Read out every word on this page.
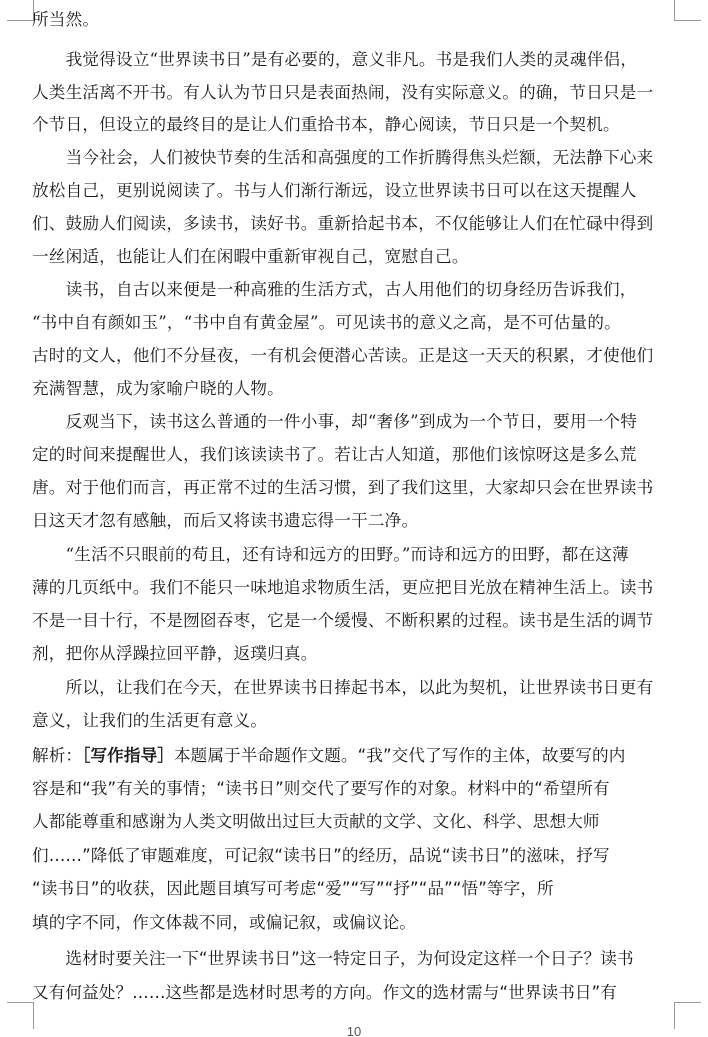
所当然。
　　我觉得设立“世界读书日”是有必要的，意义非凡。书是我们人类的灵魂伴侣，
人类生活离不开书。有人认为节日只是表面热闹，没有实际意义。的确，节日只是一
个节日，但设立的最终目的是让人们重拾书本，静心阅读，节日只是一个契机。
　　当今社会，人们被快节奏的生活和高强度的工作折腾得焦头烂额，无法静下心来
放松自己，更别说阅读了。书与人们渐行渐远，设立世界读书日可以在这天提醒人
们、鼓励人们阅读，多读书，读好书。重新拾起书本，不仅能够让人们在忙碌中得到
一丝闲适，也能让人们在闲暇中重新审视自己，宽慰自己。
　　读书，自古以来便是一种高雅的生活方式，古人用他们的切身经历告诉我们，
“书中自有颜如玉”，“书中自有黄金屋”。可见读书的意义之高，是不可估量的。
古时的文人，他们不分昼夜，一有机会便潜心苦读。正是这一天天的积累，才使他们
充满智慧，成为家喻户晓的人物。
　　反观当下，读书这么普通的一件小事，却“奢侈”到成为一个节日，要用一个特
定的时间来提醒世人，我们该读读书了。若让古人知道，那他们该惊呀这是多么荒
唐。对于他们而言，再正常不过的生活习惯，到了我们这里，大家却只会在世界读书
日这天才忽有感触，而后又将读书遗忘得一干二净。
　　“生活不只眼前的苟且，还有诗和远方的田野。”而诗和远方的田野，都在这薄
薄的几页纸中。我们不能只一味地追求物质生活，更应把目光放在精神生活上。读书
不是一目十行，不是囫囵吞枣，它是一个缓慢、不断积累的过程。读书是生活的调节
剂，把你从浮躁拉回平静，返璞归真。
　　所以，让我们在今天，在世界读书日捧起书本，以此为契机，让世界读书日更有
意义，让我们的生活更有意义。
解析：［写作指导］本题属于半命题作文题。“我”交代了写作的主体，故要写的内
容是和“我”有关的事情；“读书日”则交代了要写作的对象。材料中的“希望所有
人都能尊重和感谢为人类文明做出过巨大贡献的文学、文化、科学、思想大师
们……”降低了审题难度，可记叙“读书日”的经历，品说“读书日”的滋味，抒写
“读书日”的收获，因此题目填写可考虑“爱”“写”“抒”“品”“悟”等字，所
填的字不同，作文体裁不同，或偏记叙，或偏议论。
　　选材时要关注一下“世界读书日”这一特定日子，为何设定这样一个日子？读书
又有何益处？……这些都是选材时思考的方向。作文的选材需与“世界读书日”有
10
